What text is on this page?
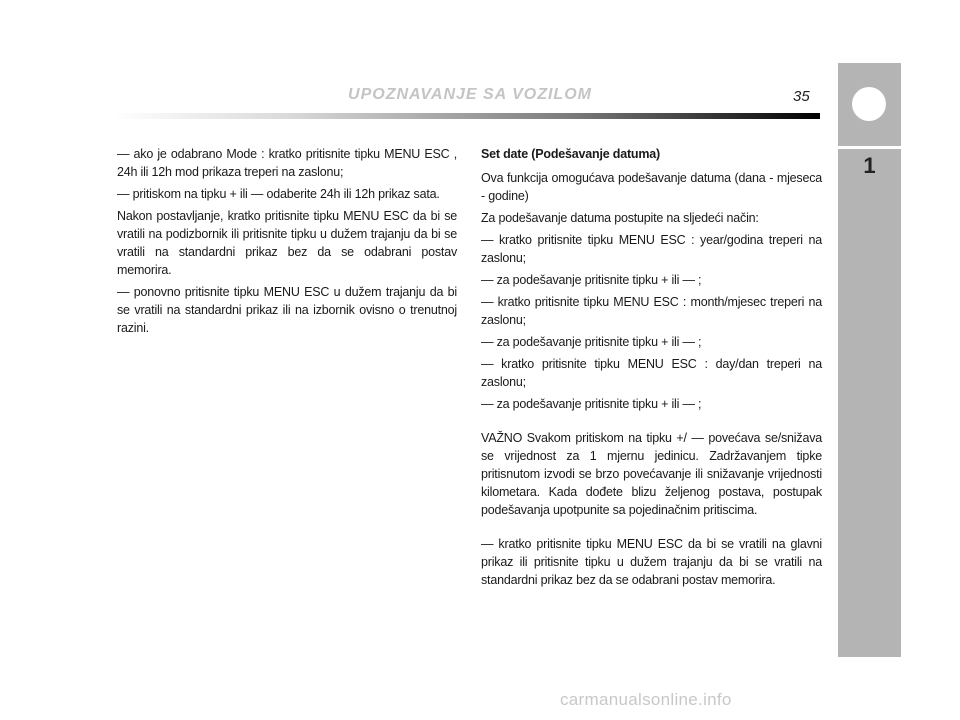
UPOZNAVANJE SA VOZILOM	35
1

— ako je odabrano Mode : kratko pritisnite tipku MENU ESC , 24h ili 12h mod prikaza treperi na zaslonu;

— pritiskom na tipku + ili — odaberite 24h ili 12h prikaz sata.

Nakon postavljanje, kratko pritisnite tipku MENU ESC da bi se vratili na podizbornik ili pritisnite tipku u dužem trajanju da bi se vratili na standardni prikaz bez da se odabrani postav memorira.

— ponovno pritisnite tipku MENU ESC u dužem trajanju da bi se vratili na standardni prikaz ili na izbornik ovisno o trenutnoj razini.

Set date (Podešavanje datuma)

Ova funkcija omogućava podešavanje datuma (dana - mjeseca - godine)

Za podešavanje datuma postupite na sljedeći način:

— kratko pritisnite tipku MENU ESC : year/godina treperi na zaslonu;

— za podešavanje pritisnite tipku + ili — ;

— kratko pritisnite tipku MENU ESC : month/mjesec treperi na zaslonu;

— za podešavanje pritisnite tipku + ili — ;

— kratko pritisnite tipku MENU ESC : day/dan treperi na zaslonu;

— za podešavanje pritisnite tipku + ili — ;

VAŽNO Svakom pritiskom na tipku +/ — povećava se/snižava se vrijednost za 1 mjernu jedinicu. Zadržavanjem tipke pritisnutom izvodi se brzo povećavanje ili snižavanje vrijednosti kilometara. Kada dođete blizu željenog postava, postupak podešavanja upotpunite sa pojedinačnim pritiscima.

— kratko pritisnite tipku MENU ESC da bi se vratili na glavni prikaz ili pritisnite tipku u dužem trajanju da bi se vratili na standardni prikaz bez da se odabrani postav memorira.

carmanualsonline.info
